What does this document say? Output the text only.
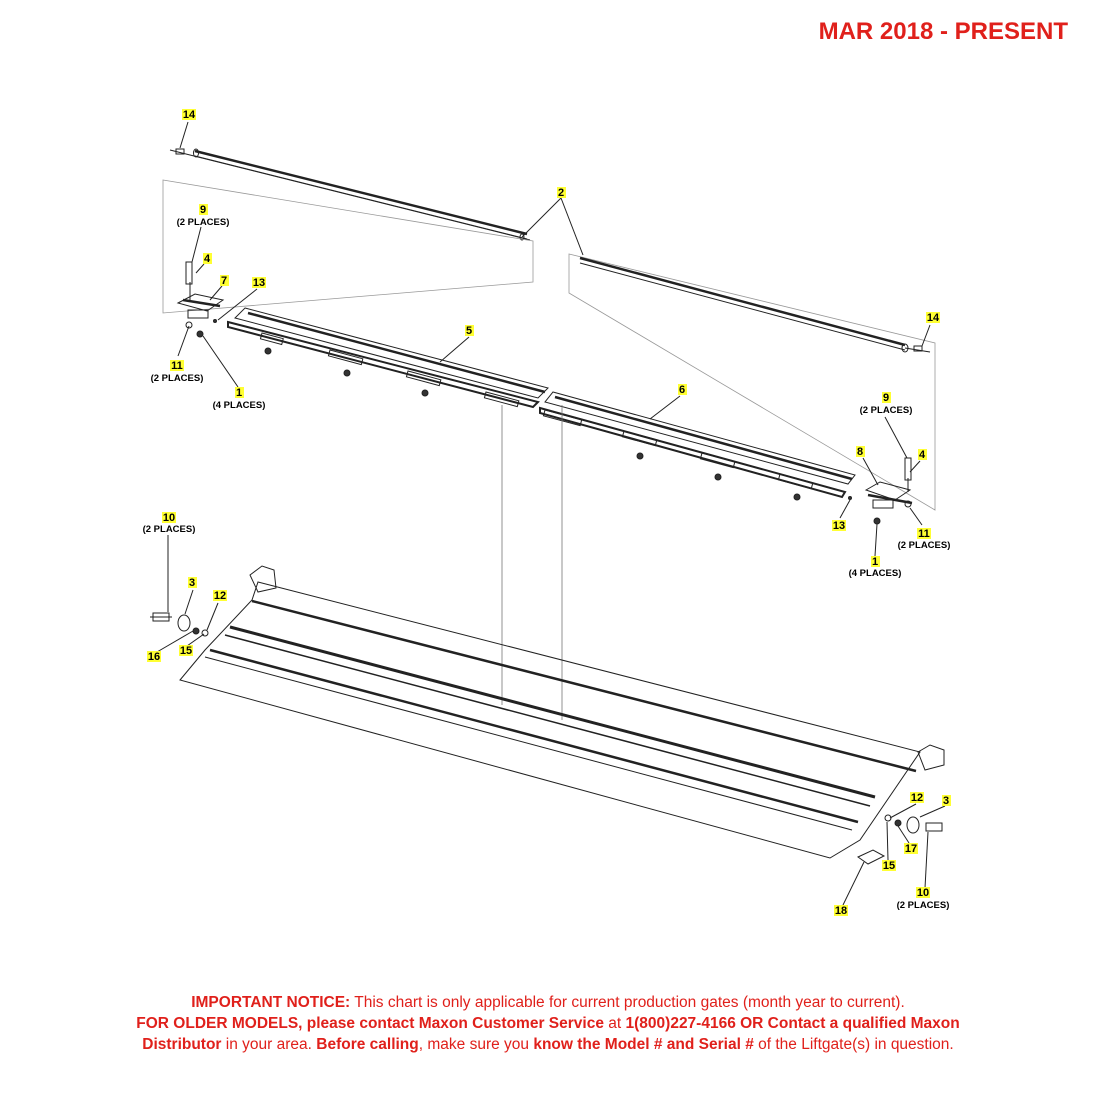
MAR 2018 - PRESENT
14
2
9
(2 PLACES)
4
7 13
11
(2 PLACES)
1
(4 PLACES)
5
6
14
9
(2 PLACES)
8	4
13
11
(2 PLACES)
1
(4 PLACES)
10
(2 PLACES)
3
12
16 15
12 3
17
15
10
(2 PLACES)
18
IMPORTANT NOTICE: This chart is only applicable for current production gates (month year to current).
FOR OLDER MODELS, please contact Maxon Customer Service at 1(800)227-4166 OR Contact a qualified Maxon
Distributor in your area. Before calling, make sure you know the Model # and Serial # of the Liftgate(s) in question.
